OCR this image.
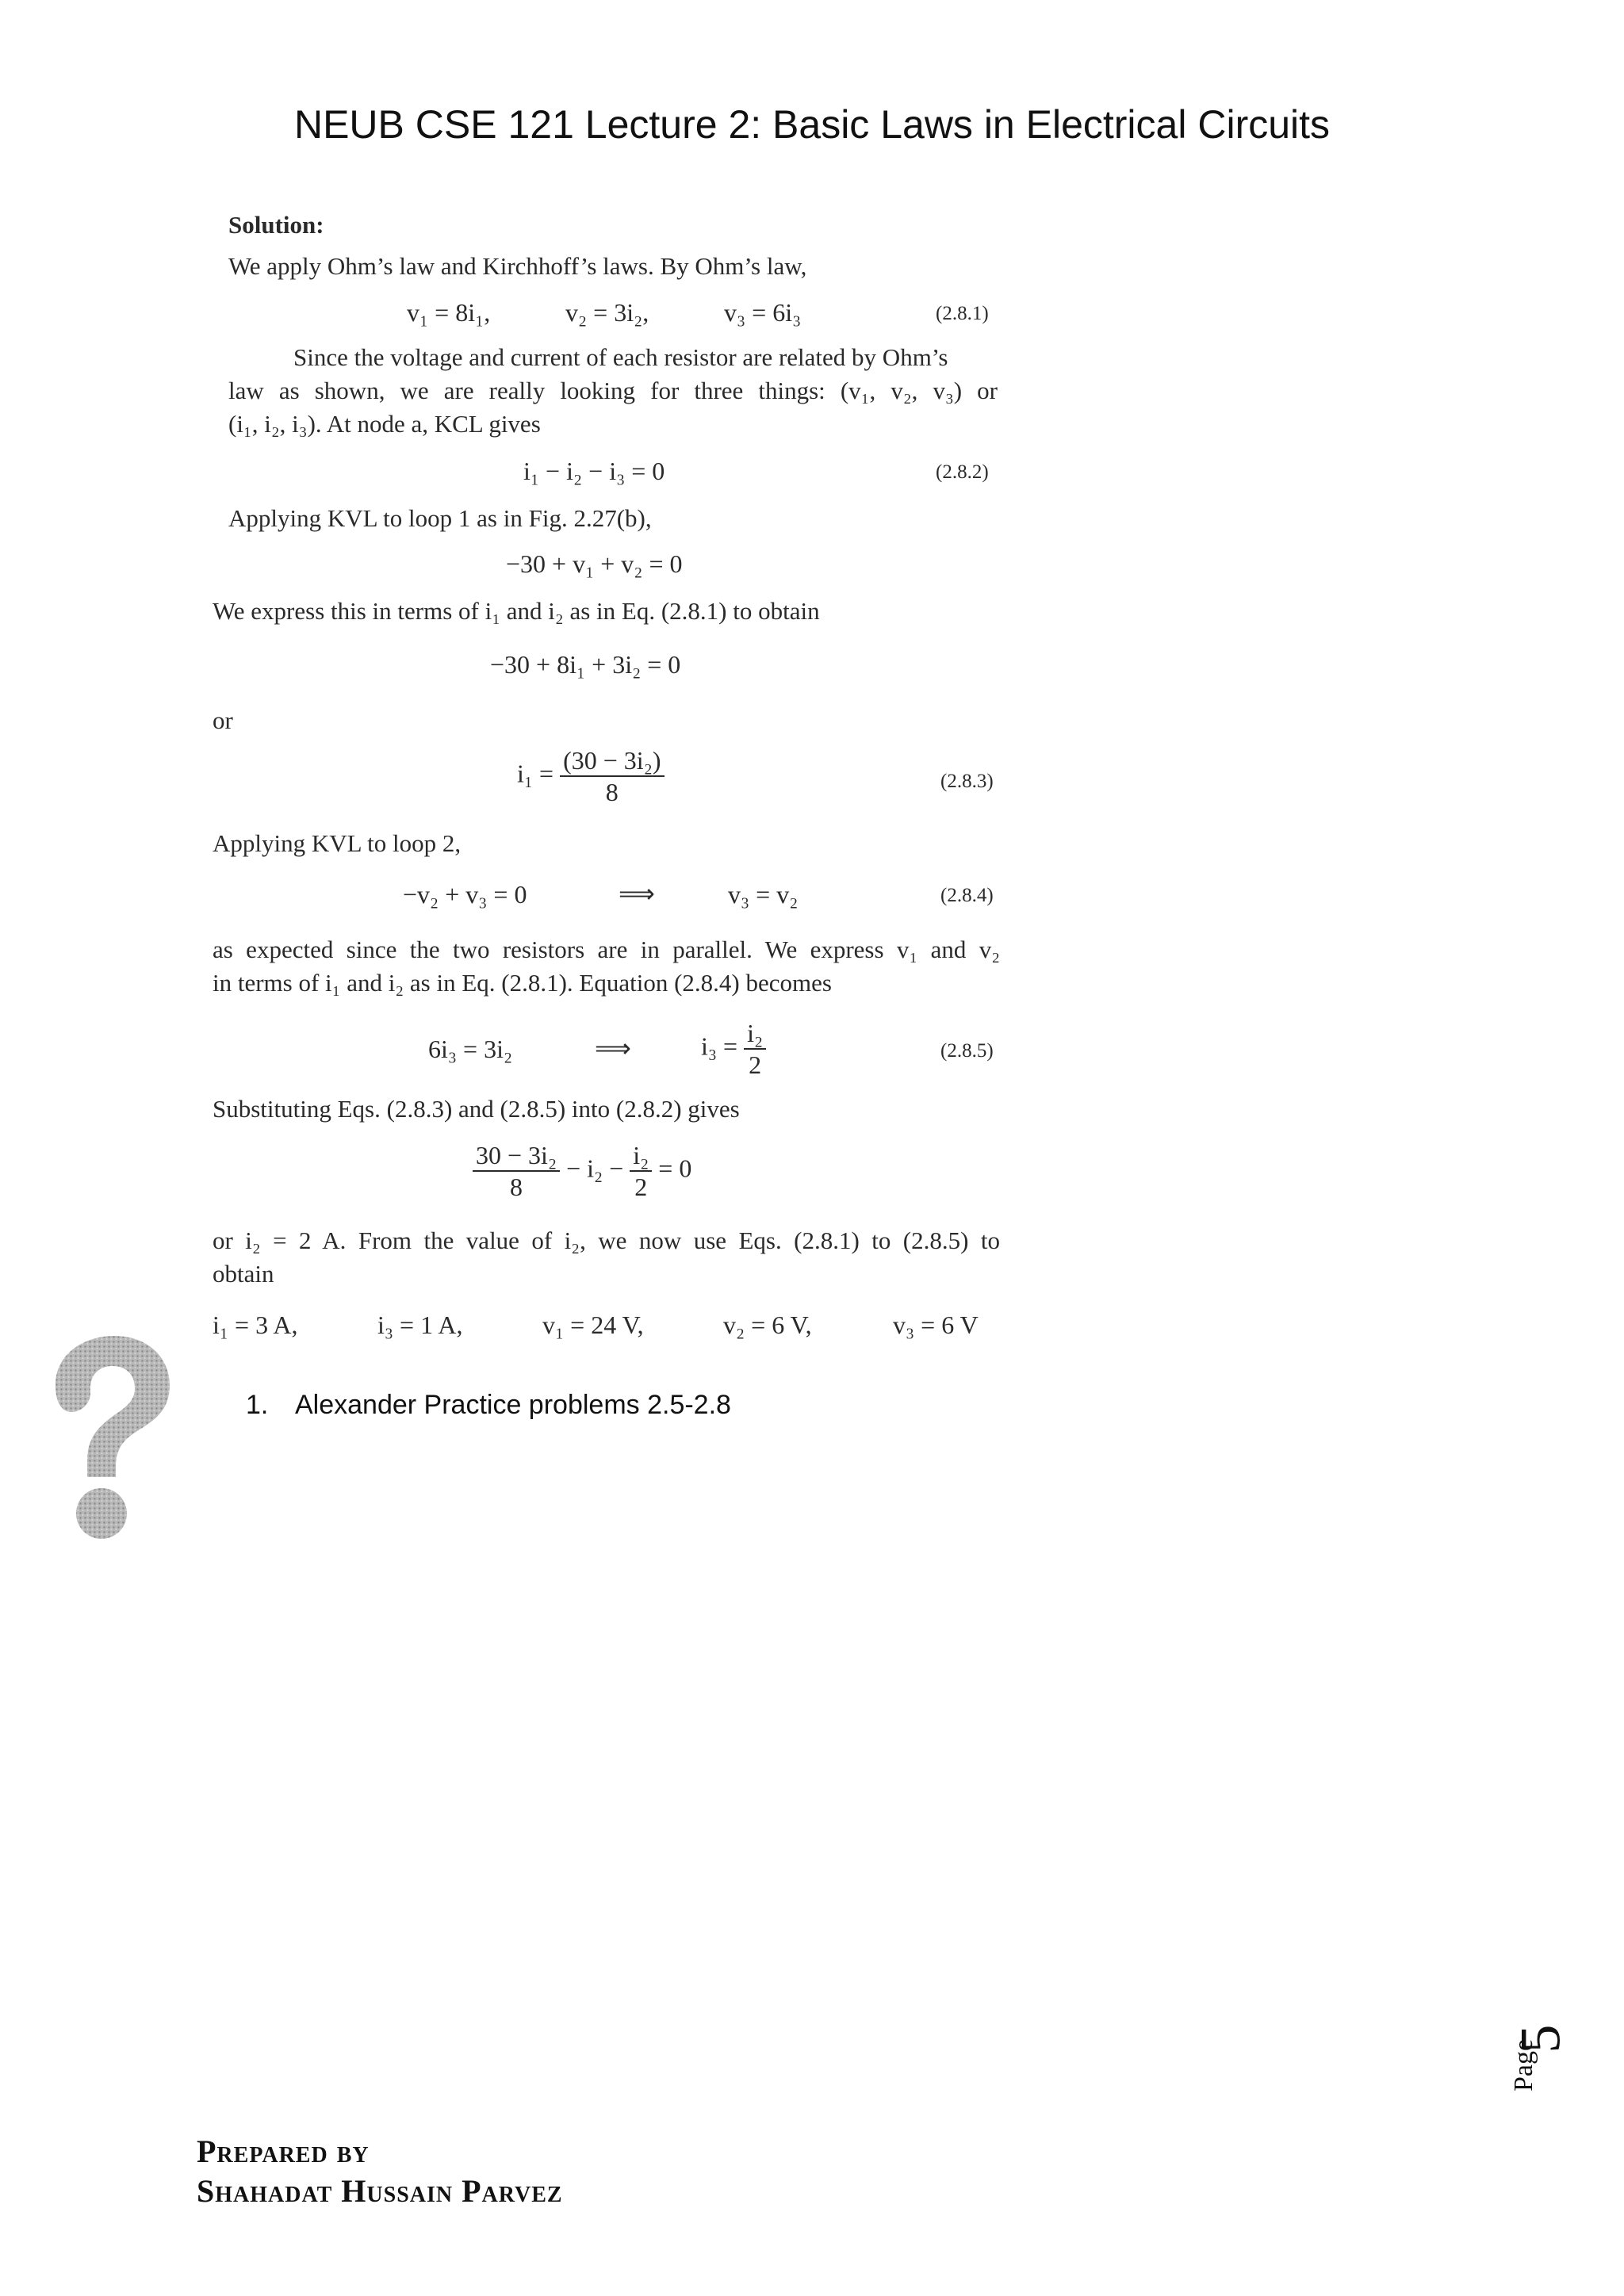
NEUB CSE 121 Lecture 2: Basic Laws in Electrical Circuits
Solution:
We apply Ohm’s law and Kirchhoff’s laws. By Ohm’s law,
v₁ = 8i₁,	v₂ = 3i₂,	v₃ = 6i₃	(2.8.1)
Since the voltage and current of each resistor are related by Ohm’s
law as shown, we are really looking for three things: (v₁, v₂, v₃) or
(i₁, i₂, i₃). At node a, KCL gives
i₁ − i₂ − i₃ = 0	(2.8.2)
Applying KVL to loop 1 as in Fig. 2.27(b),
−30 + v₁ + v₂ = 0
We express this in terms of i₁ and i₂ as in Eq. (2.8.1) to obtain
−30 + 8i₁ + 3i₂ = 0
or
$i_1 = \frac{\text{(30 − 3i₂)}}{8}$	(2.8.3)
Applying KVL to loop 2,
−v₂ + v₃ = 0	⟹	v₃ = v₂	(2.8.4)
as expected since the two resistors are in parallel. We express v₁ and v₂
in terms of i₁ and i₂ as in Eq. (2.8.1). Equation (2.8.4) becomes
6i₃ = 3i₂	⟹	$i_3 = \frac{\text{i₂}}{2}$	(2.8.5)
Substituting Eqs. (2.8.3) and (2.8.5) into (2.8.2) gives
$\frac{\text{30 − 3i₂}}{8} - i_2 - \frac{\text{i₂}}{2} = 0$
or i₂ = 2 A. From the value of i₂, we now use Eqs. (2.8.1) to (2.8.5) to
obtain
i₁ = 3 A,	i₃ = 1 A,	v₁ = 24 V,	v₂ = 6 V,	v₃ = 6 V
1. Alexander Practice problems 2.5-2.8
Prepared by
Shahadat Hussain Parvez
Page
5
